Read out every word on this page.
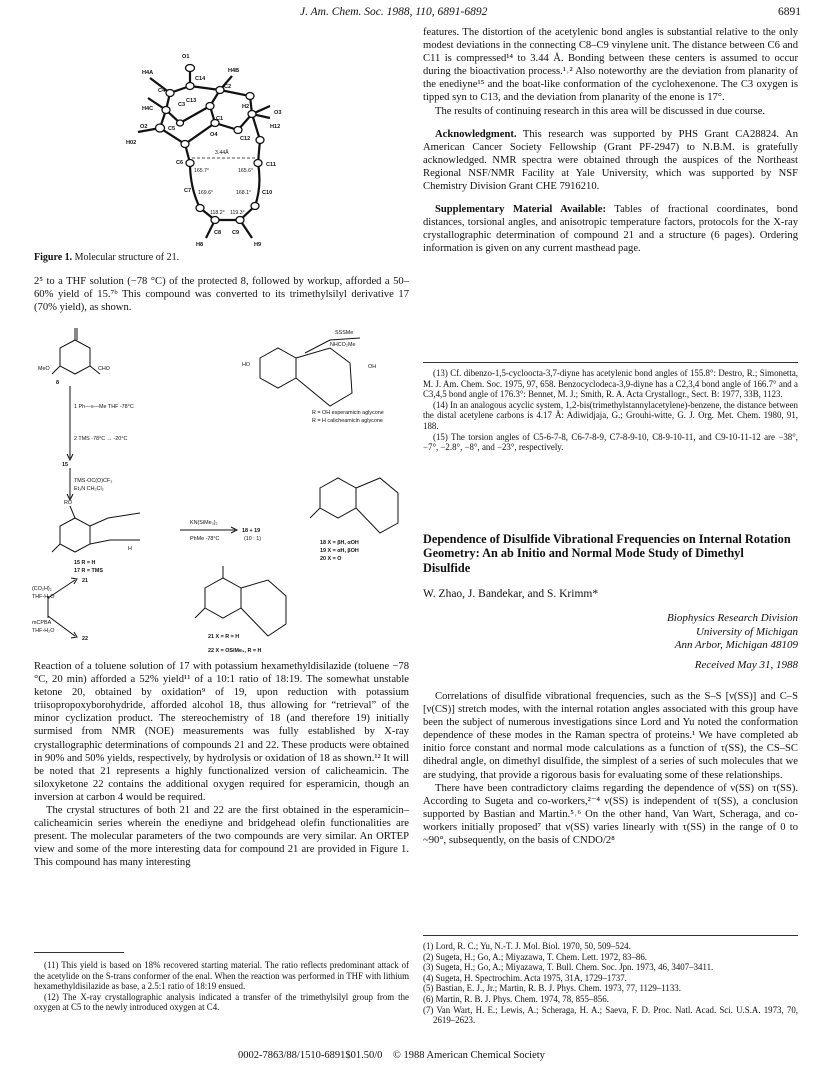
J. Am. Chem. Soc. 1988, 110, 6891-6892	6891
O1
H4A
C14
H4B
C4
C3
C13
C2
H2
O2	C5
O4
C1
C12
H12
O3
H4C
H02
C6	C11
C7	C10
C8 C9
H8	H9
3.44Å
165.7°	165.6°
169.6°	168.1°
118.2° 119.3°
Figure 1. Molecular structure of 21.

2⁵ to a THF solution (−78 °C) of the protected 8, followed by workup, afforded a 50–60% yield of 15.⁷ᵇ This compound was converted to its trimethylsilyl derivative 17 (70% yield), as shown.

MeO	CHO
8
1 Ph—≡—Me THF -78°C
2 TMS -78°C → -20°C
15
TMS·OC(O)CF₃
Et₃N CH₂Cl₂
RO
H
15 R = H
17 R = TMS
KN(SiMe₃)₂
PhMe -78°C
18 + 19
(10 : 1)
18 X = βH, αOH
19 X = αH, βOH
20 X = O
R = OH esperamicin aglycone
R = H calicheamicin aglycone
SSSMe
NHCO₂Me
HO	OH
(CO₂H)₂
THF-H₂O
mCPBA
THF-H₂O
21
22	21 X = R = H
22 X = OSiMe₃, R = H

Reaction of a toluene solution of 17 with potassium hexamethyldisilazide (toluene −78 °C, 20 min) afforded a 52% yield¹¹ of a 10:1 ratio of 18:19. The somewhat unstable ketone 20, obtained by oxidation⁹ of 19, upon reduction with potassium triisopropoxyborohydride, afforded alcohol 18, thus allowing for “retrieval” of the minor cyclization product. The stereochemistry of 18 (and therefore 19) initially surmised from NMR (NOE) measurements was fully established by X-ray crystallographic determinations of compounds 21 and 22. These products were obtained in 90% and 50% yields, respectively, by hydrolysis or oxidation of 18 as shown.¹² It will be noted that 21 represents a highly functionalized version of calicheamicin. The siloxyketone 22 contains the additional oxygen required for esperamicin, though an inversion at carbon 4 would be required.

The crystal structures of both 21 and 22 are the first obtained in the esperamicin–calicheamicin series wherein the enediyne and bridgehead olefin functionalities are present. The molecular parameters of the two compounds are very similar. An ORTEP view and some of the more interesting data for compound 21 are provided in Figure 1. This compound has many interesting

(11) This yield is based on 18% recovered starting material. The ratio reflects predominant attack of the acetylide on the S-trans conformer of the enal. When the reaction was performed in THF with lithium hexamethyldisilazide as base, a 2.5:1 ratio of 18:19 ensued.

(12) The X-ray crystallographic analysis indicated a transfer of the trimethylsilyl group from the oxygen at C5 to the newly introduced oxygen at C4.

features. The distortion of the acetylenic bond angles is substantial relative to the only modest deviations in the connecting C8–C9 vinylene unit. The distance between C6 and C11 is compressed¹⁴ to 3.44 Å. Bonding between these centers is assumed to occur during the bioactivation process.¹˒² Also noteworthy are the deviation from planarity of the enediyne¹⁵ and the boat-like conformation of the cyclohexenone. The C3 oxygen is tipped syn to C13, and the deviation from planarity of the enone is 17°.

The results of continuing research in this area will be discussed in due course.

Acknowledgment. This research was supported by PHS Grant CA28824. An American Cancer Society Fellowship (Grant PF-2947) to N.B.M. is gratefully acknowledged. NMR spectra were obtained through the auspices of the Northeast Regional NSF/NMR Facility at Yale University, which was supported by NSF Chemistry Division Grant CHE 7916210.

Supplementary Material Available: Tables of fractional coordinates, bond distances, torsional angles, and anisotropic temperature factors, protocols for the X-ray crystallographic determination of compound 21 and a structure (6 pages). Ordering information is given on any current masthead page.

(13) Cf. dibenzo-1,5-cycloocta-3,7-diyne has acetylenic bond angles of 155.8°: Destro, R.; Simonetta, M. J. Am. Chem. Soc. 1975, 97, 658. Benzocyclodeca-3,9-diyne has a C2,3,4 bond angle of 166.7° and a C3,4,5 bond angle of 176.3°: Bennet, M. J.; Smith, R. A. Acta Crystallogr., Sect. B: 1977, 33B, 1123.

(14) In an analogous acyclic system, 1,2-bis(trimethylstannylacetylene)-benzene, the distance between the distal acetylene carbons is 4.17 Å: Adiwidjaja, G.; Grouhi-witte, G. J. Org. Met. Chem. 1980, 91, 188.

(15) The torsion angles of C5-6-7-8, C6-7-8-9, C7-8-9-10, C8-9-10-11, and C9-10-11-12 are −38°, −7°, −2.8°, −8°, and −23°, respectively.

Dependence of Disulfide Vibrational Frequencies on Internal Rotation Geometry: An ab Initio and Normal Mode Study of Dimethyl Disulfide
W. Zhao, J. Bandekar, and S. Krimm*
Biophysics Research Division
University of Michigan
Ann Arbor, Michigan 48109
Received May 31, 1988

Correlations of disulfide vibrational frequencies, such as the S–S [ν(SS)] and C–S [ν(CS)] stretch modes, with the internal rotation angles associated with this group have been the subject of numerous investigations since Lord and Yu noted the conformation dependence of these modes in the Raman spectra of proteins.¹ We have completed ab initio force constant and normal mode calculations as a function of τ(SS), the CS–SC dihedral angle, on dimethyl disulfide, the simplest of a series of such molecules that we are studying, that provide a rigorous basis for evaluating some of these relationships.

There have been contradictory claims regarding the dependence of ν(SS) on τ(SS). According to Sugeta and co-workers,²⁻⁴ ν(SS) is independent of τ(SS), a conclusion supported by Bastian and Martin.⁵˒⁶ On the other hand, Van Wart, Scheraga, and co-workers initially proposed⁷ that ν(SS) varies linearly with τ(SS) in the range of 0 to ~90°, subsequently, on the basis of CNDO/2⁸

(1) Lord, R. C.; Yu, N.-T. J. Mol. Biol. 1970, 50, 509–524.

(2) Sugeta, H.; Go, A.; Miyazawa, T. Chem. Lett. 1972, 83–86.

(3) Sugeta, H.; Go, A.; Miyazawa, T. Bull. Chem. Soc. Jpn. 1973, 46, 3407–3411.

(4) Sugeta, H. Spectrochim. Acta 1975, 31A, 1729–1737.

(5) Bastian, E. J., Jr.; Martin, R. B. J. Phys. Chem. 1973, 77, 1129–1133.

(6) Martin, R. B. J. Phys. Chem. 1974, 78, 855–856.

(7) Van Wart, H. E.; Lewis, A.; Scheraga, H. A.; Saeva, F. D. Proc. Natl. Acad. Sci. U.S.A. 1973, 70, 2619–2623.

0002-7863/88/1510-6891$01.50/0 © 1988 American Chemical Society
